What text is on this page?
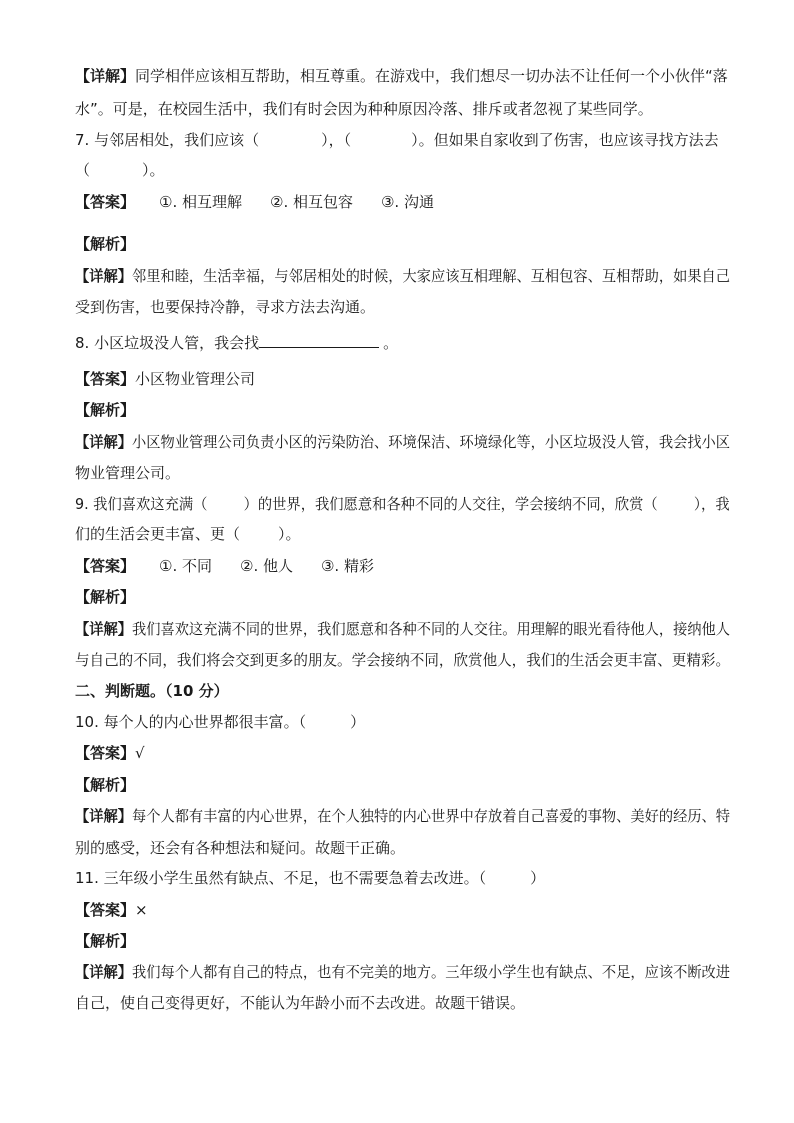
【详解】同学相伴应该相互帮助，相互尊重。在游戏中，我们想尽一切办法不让任何一个小伙伴“落
水”。可是，在校园生活中，我们有时会因为种种原因冷落、排斥或者忽视了某些同学。
7. 与邻居相处，我们应该（	），（	）。但如果自家收到了伤害，也应该寻找方法去
（	）。
【答案】 ①. 相互理解 ②. 相互包容 ③. 沟通
【解析】
【详解】邻里和睦，生活幸福，与邻居相处的时候，大家应该互相理解、互相包容、互相帮助，如果自己
受到伤害，也要保持冷静，寻求方法去沟通。
8. 小区垃圾没人管，我会找	。
【答案】小区物业管理公司
【解析】
【详解】小区物业管理公司负责小区的污染防治、环境保洁、环境绿化等，小区垃圾没人管，我会找小区
物业管理公司。
9. 我们喜欢这充满（ ）的世界，我们愿意和各种不同的人交往，学会接纳不同，欣赏（ ），我
们的生活会更丰富、更（	）。
【答案】 ①. 不同 ②. 他人 ③. 精彩
【解析】
【详解】我们喜欢这充满不同的世界，我们愿意和各种不同的人交往。用理解的眼光看待他人，接纳他人
与自己的不同，我们将会交到更多的朋友。学会接纳不同，欣赏他人，我们的生活会更丰富、更精彩。
二、判断题。（10 分）
10. 每个人的内心世界都很丰富。（	）
【答案】√
【解析】
【详解】每个人都有丰富的内心世界，在个人独特的内心世界中存放着自己喜爱的事物、美好的经历、特
别的感受，还会有各种想法和疑问。故题干正确。
11. 三年级小学生虽然有缺点、不足，也不需要急着去改进。（	）
【答案】×
【解析】
【详解】我们每个人都有自己的特点，也有不完美的地方。三年级小学生也有缺点、不足，应该不断改进
自己，使自己变得更好，不能认为年龄小而不去改进。故题干错误。
